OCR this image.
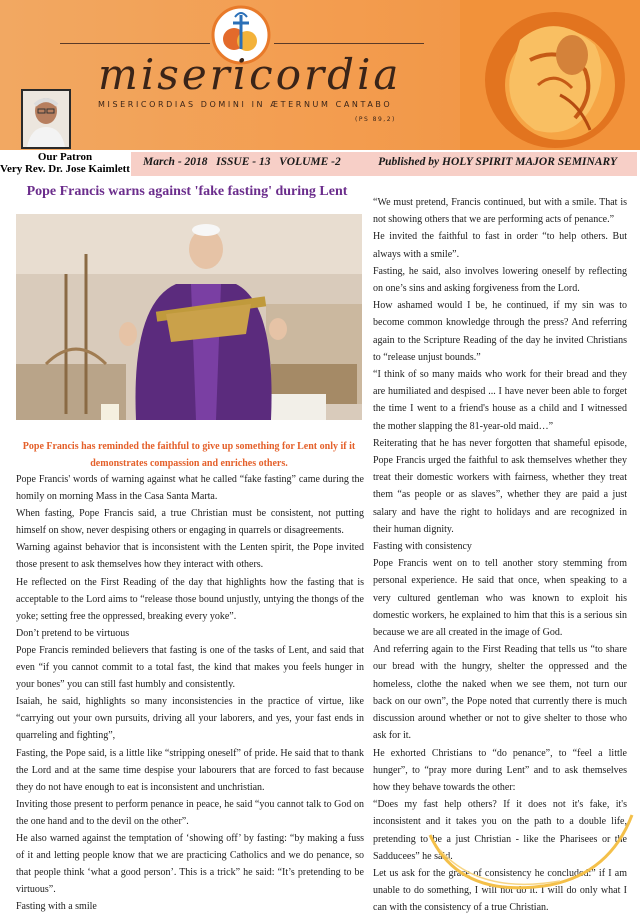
misericordia
MISERICORDIAS DOMINI IN ÆTERNUM CANTABO
(PS 89,2)
Our Patron
Very Rev. Dr. Jose Kaimlett
March - 2018   ISSUE - 13   VOLUME -2	Published by HOLY SPIRIT MAJOR SEMINARY
Pope Francis warns against 'fake fasting' during Lent
Pope Francis has reminded the faithful to give up something for Lent only if it demonstrates compassion and enriches others.

Pope Francis' words of warning against what he called “fake fasting” came during the homily on morning Mass in the Casa Santa Marta.

When fasting, Pope Francis said, a true Christian must be consistent, not putting himself on show, never despising others or engaging in quarrels or disagreements.

Warning against behavior that is inconsistent with the Lenten spirit, the Pope invited those present to ask themselves how they interact with others.

He reflected on the First Reading of the day that highlights how the fasting that is acceptable to the Lord aims to “release those bound unjustly, untying the thongs of the yoke; setting free the oppressed, breaking every yoke”.

Don’t pretend to be virtuous

Pope Francis reminded believers that fasting is one of the tasks of Lent, and said that even “if you cannot commit to a total fast, the kind that makes you feels hunger in your bones” you can still fast humbly and consistently.

Isaiah, he said, highlights so many inconsistencies in the practice of virtue, like “carrying out your own pursuits, driving all your laborers, and yes, your fast ends in quarreling and fighting”,

Fasting, the Pope said, is a little like “stripping oneself” of pride. He said that to thank the Lord and at the same time despise your labourers that are forced to fast because they do not have enough to eat is inconsistent and unchristian.

Inviting those present to perform penance in peace, he said “you cannot talk to God on the one hand and to the devil on the other”.

He also warned against the temptation of ‘showing off’ by fasting: “by making a fuss of it and letting people know that we are practicing Catholics and we do penance, so that people think ‘what a good person’. This is a trick” he said: “It’s pretending to be virtuous”.

Fasting with a smile

“We must pretend, Francis continued, but with a smile. That is not showing others that we are performing acts of penance.”

He invited the faithful to fast in order “to help others. But always with a smile”.

Fasting, he said, also involves lowering oneself by reflecting on one’s sins and asking forgiveness from the Lord.

How ashamed would I be, he continued, if my sin was to become common knowledge through the press? And referring again to the Scripture Reading of the day he invited Christians to “release unjust bounds.”

“I think of so many maids who work for their bread and they are humiliated and despised ... I have never been able to forget the time I went to a friend's house as a child and I witnessed the mother slapping the 81-year-old maid…”

Reiterating that he has never forgotten that shameful episode, Pope Francis urged the faithful to ask themselves whether they treat their domestic workers with fairness, whether they treat them “as people or as slaves”, whether they are paid a just salary and have the right to holidays and are recognized in their human dignity.

Fasting with consistency

Pope Francis went on to tell another story stemming from personal experience. He said that once, when speaking to a very cultured gentleman who was known to exploit his domestic workers, he explained to him that this is a serious sin because we are all created in the image of God.

And referring again to the First Reading that tells us “to share our bread with the hungry, shelter the oppressed and the homeless, clothe the naked when we see them, not turn our back on our own”, the Pope noted that currently there is much discussion around whether or not to give shelter to those who ask for it.

He exhorted Christians to “do penance”, to “feel a little hunger”, to “pray more during Lent” and to ask themselves how they behave towards the other:

“Does my fast help others? If it does not it's fake, it's inconsistent and it takes you on the path to a double life, pretending to be a just Christian - like the Pharisees or the Sadducees” he said.

Let us ask for the grace of consistency he concluded:” if I am unable to do something, I will not do it. I will do only what I can with the consistency of a true Christian.
